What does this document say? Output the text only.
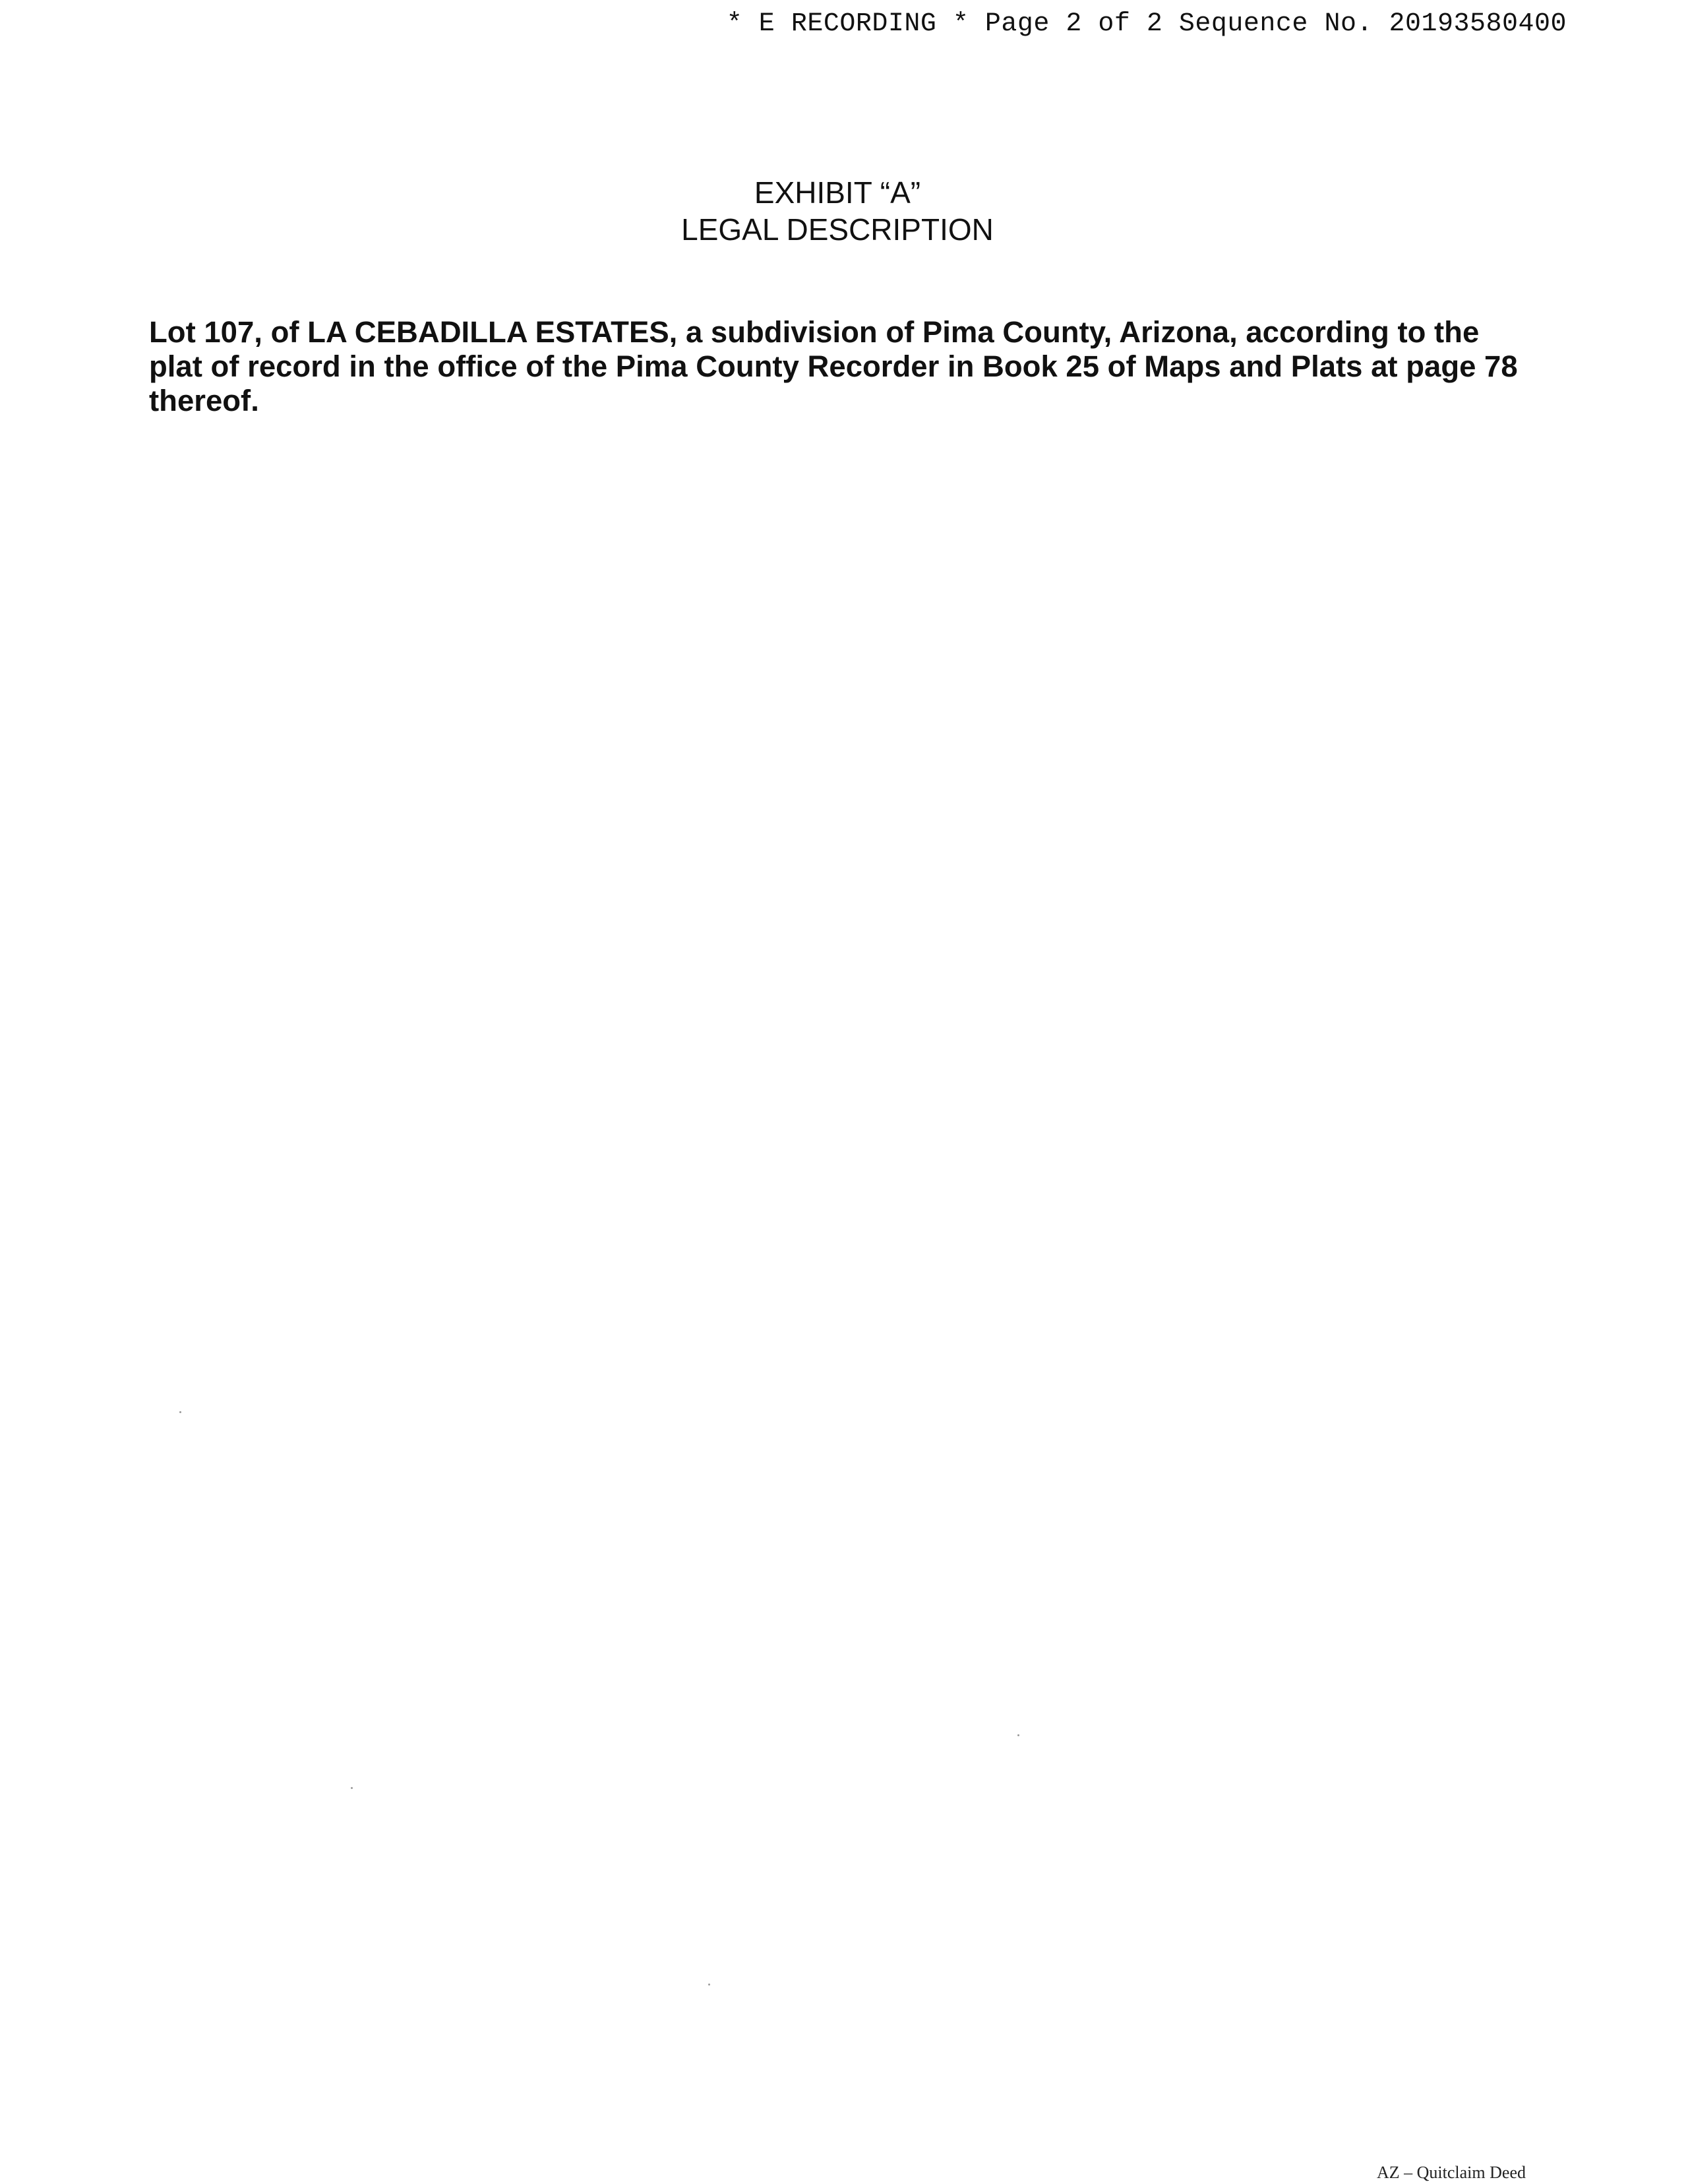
* E RECORDING * Page 2 of 2 Sequence No. 20193580400
EXHIBIT “A”
LEGAL DESCRIPTION
Lot 107, of LA CEBADILLA ESTATES, a subdivision of Pima County, Arizona, according to the plat of record in the office of the Pima County Recorder in Book 25 of Maps and Plats at page 78 thereof.
AZ – Quitclaim Deed
